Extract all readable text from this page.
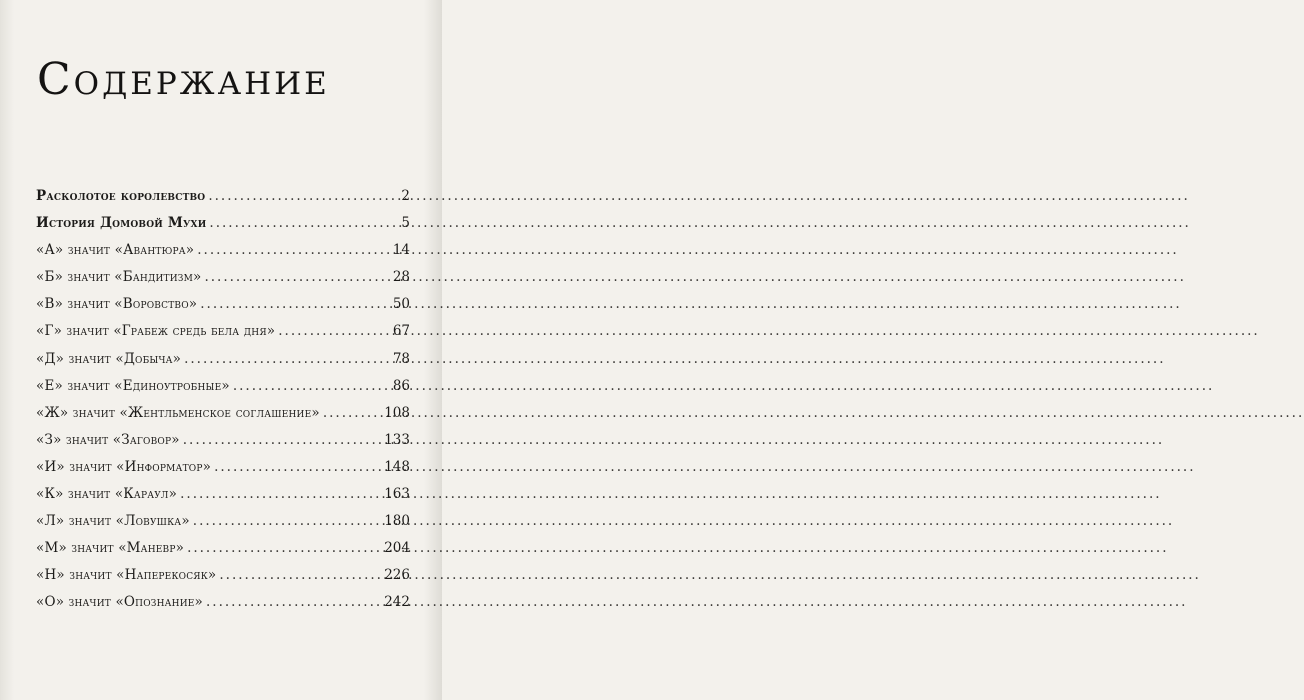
Содержание
Расколотое королевство .....	2
История Домовой Мухи .....	5
«А» значит «Авантюра» .....	14
«Б» значит «Бандитизм» .....	28
«В» значит «Воровство» .....	50
«Г» значит «Грабеж средь бела дня» .....	67
«Д» значит «Добыча» .....	78
«Е» значит «Единоутробные» .....	86
«Ж» значит «Жентльменское соглашение» .....	108
«З» значит «Заговор» .....	133
«И» значит «Информатор» .....	148
«К» значит «Караул» .....	163
«Л» значит «Ловушка» .....	180
«М» значит «Маневр» .....	204
«Н» значит «Наперекосяк» .....	226
«О» значит «Опознание» .....	242
